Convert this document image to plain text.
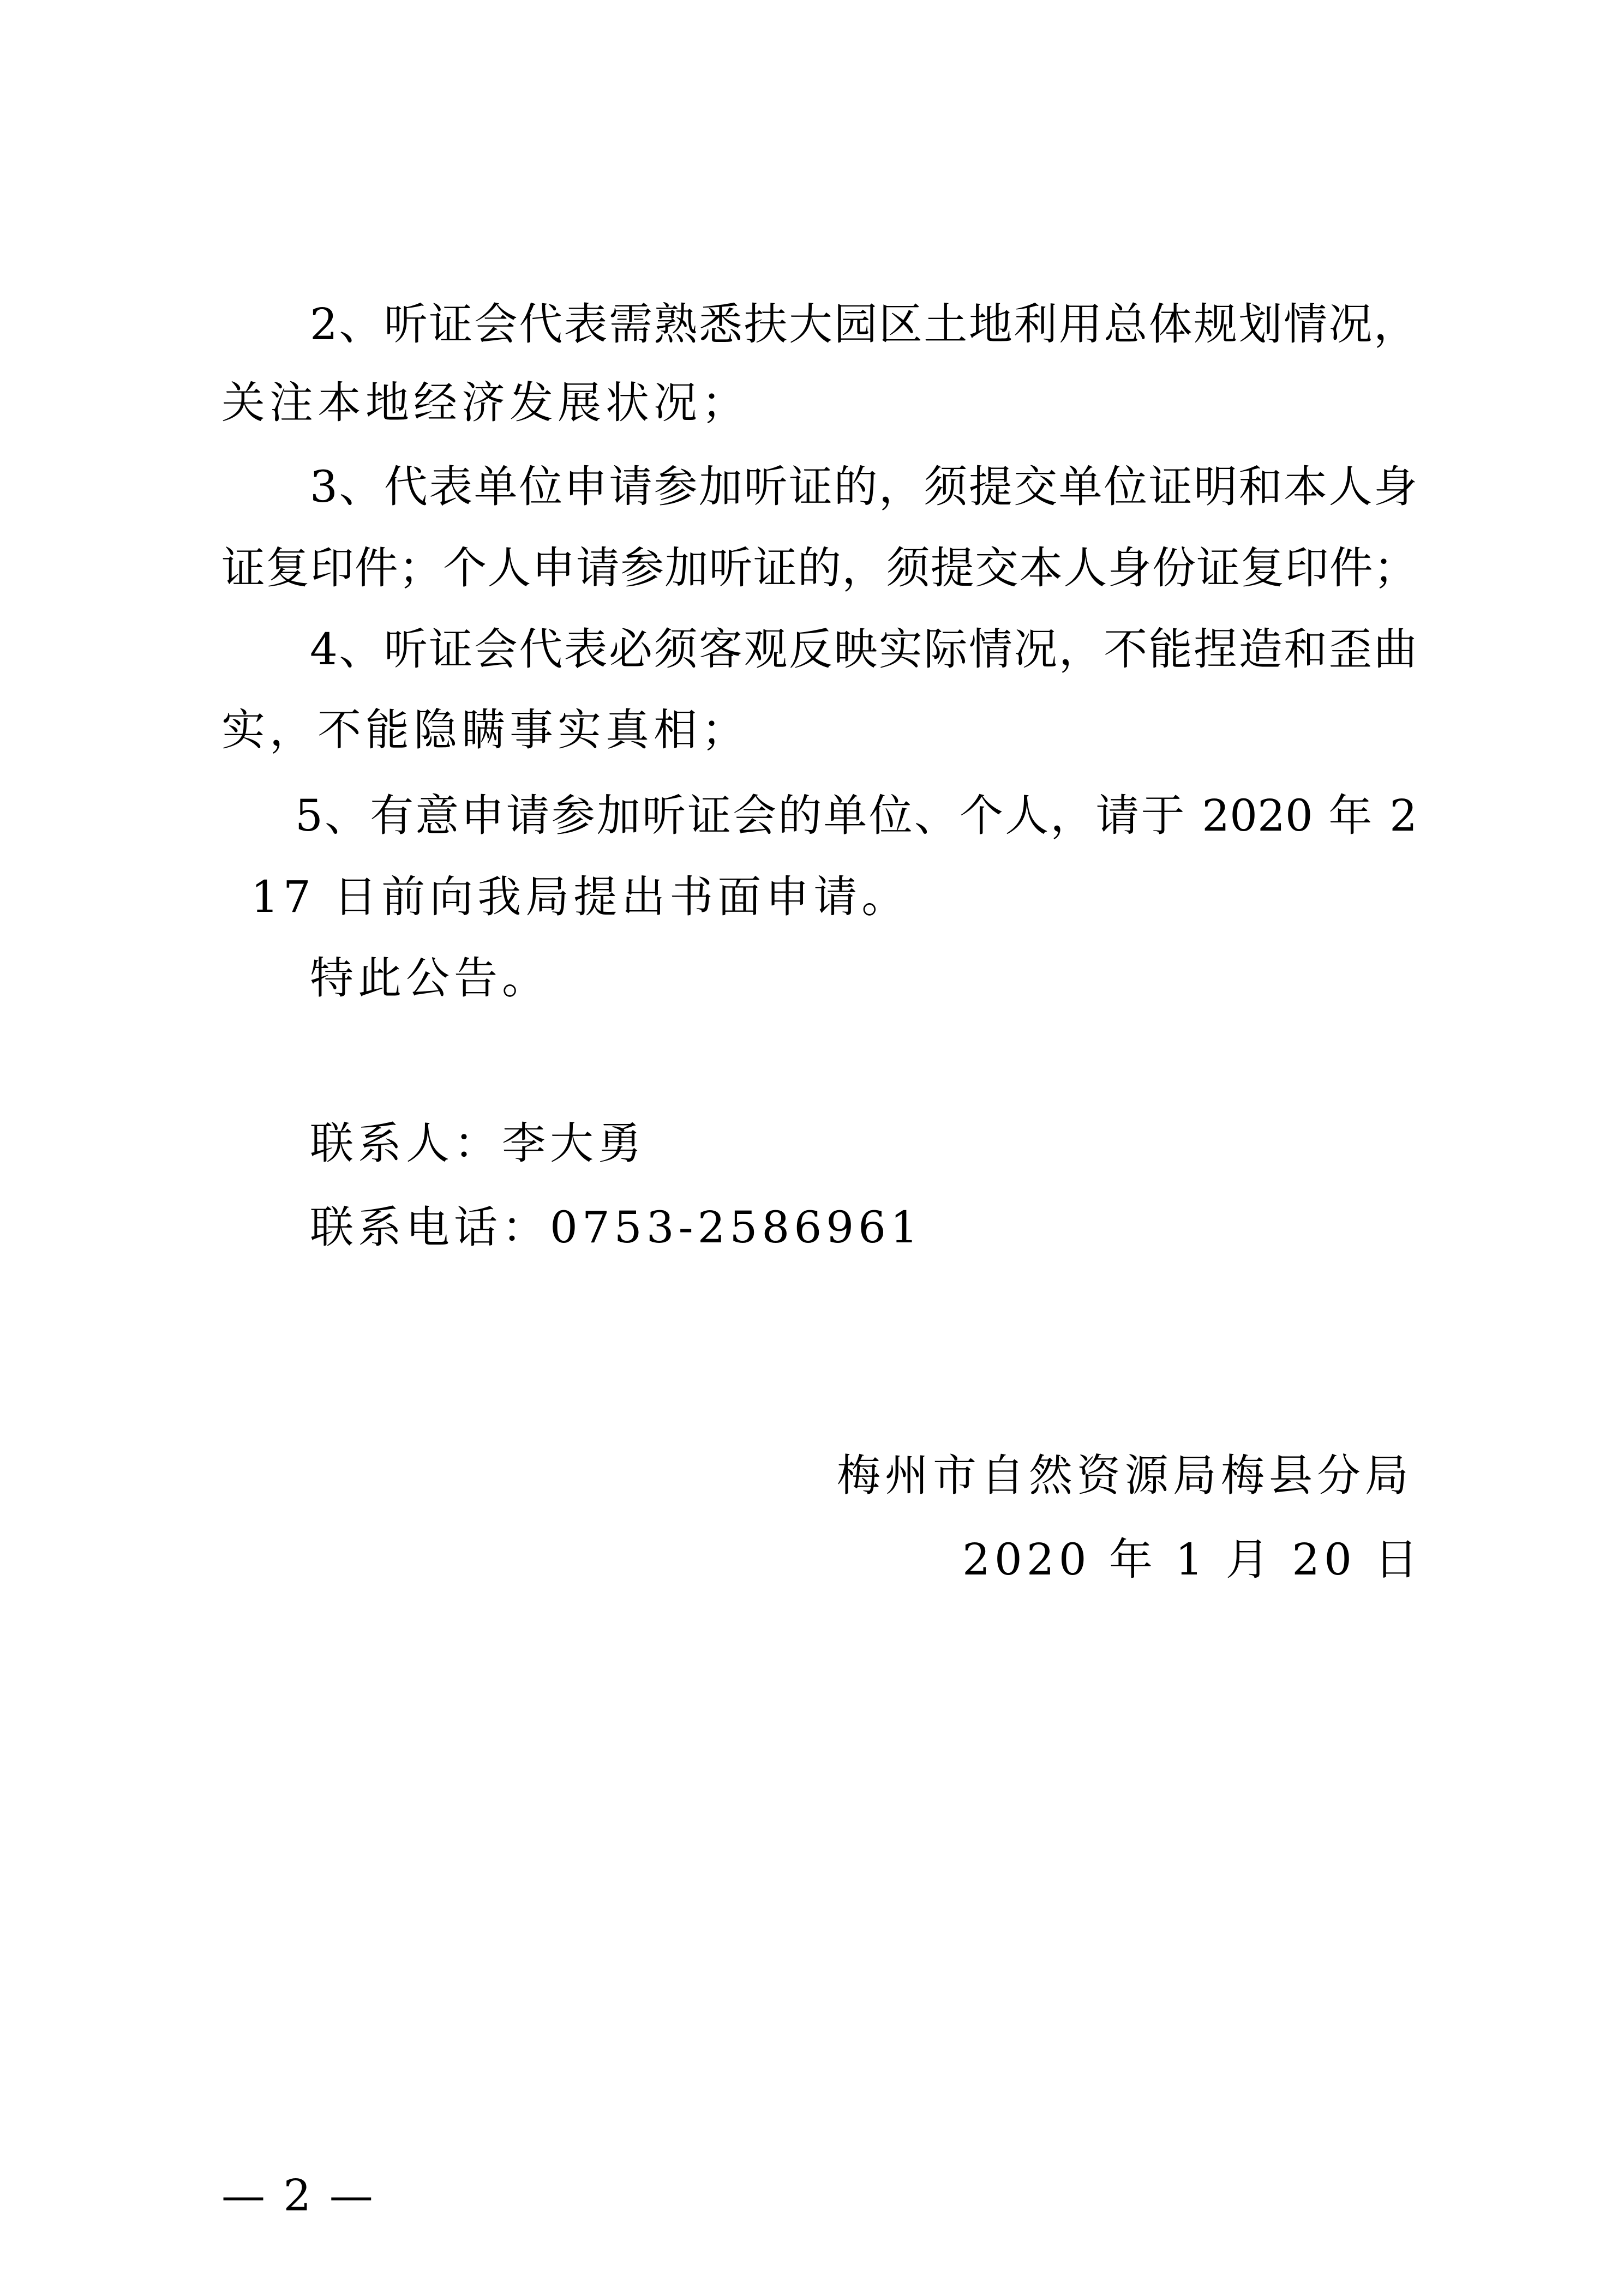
2、听证会代表需熟悉扶大园区土地利用总体规划情况，
关注本地经济发展状况；
3、代表单位申请参加听证的，须提交单位证明和本人身
证复印件；个人申请参加听证的，须提交本人身份证复印件；
4、听证会代表必须客观反映实际情况，不能捏造和歪曲
实，不能隐瞒事实真相；
5、有意申请参加听证会的单位、个人，请于 2020 年 2
17 日前向我局提出书面申请。
特此公告。
联系人：李大勇
联系电话：0753-2586961
梅州市自然资源局梅县分局
2020 年 1 月 20 日
— 2 —
